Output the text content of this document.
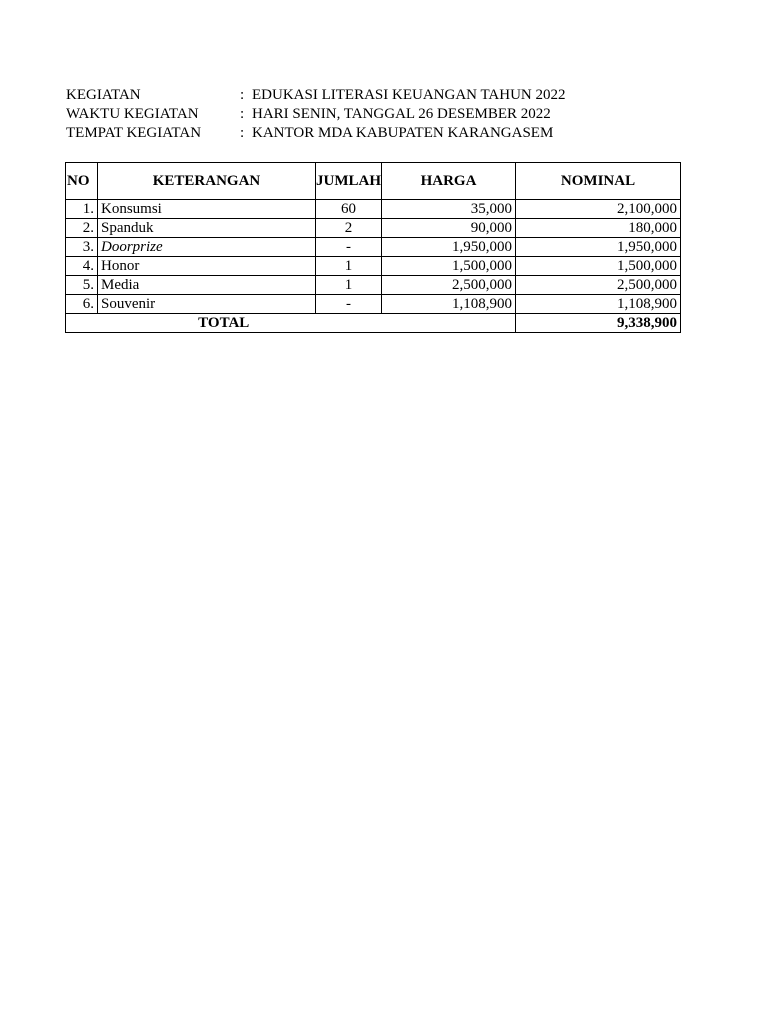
KEGIATAN	: EDUKASI LITERASI KEUANGAN TAHUN 2022
WAKTU KEGIATAN	: HARI SENIN, TANGGAL 26 DESEMBER 2022
TEMPAT KEGIATAN	: KANTOR MDA KABUPATEN KARANGASEM
NO	KETERANGAN	JUMLAH	HARGA	NOMINAL
1.	Konsumsi	60	35,000	2,100,000
2.	Spanduk	2	90,000	180,000
3.	Doorprize	-	1,950,000	1,950,000
4.	Honor	1	1,500,000	1,500,000
5.	Media	1	2,500,000	2,500,000
6.	Souvenir	-	1,108,900	1,108,900
TOTAL				9,338,900
